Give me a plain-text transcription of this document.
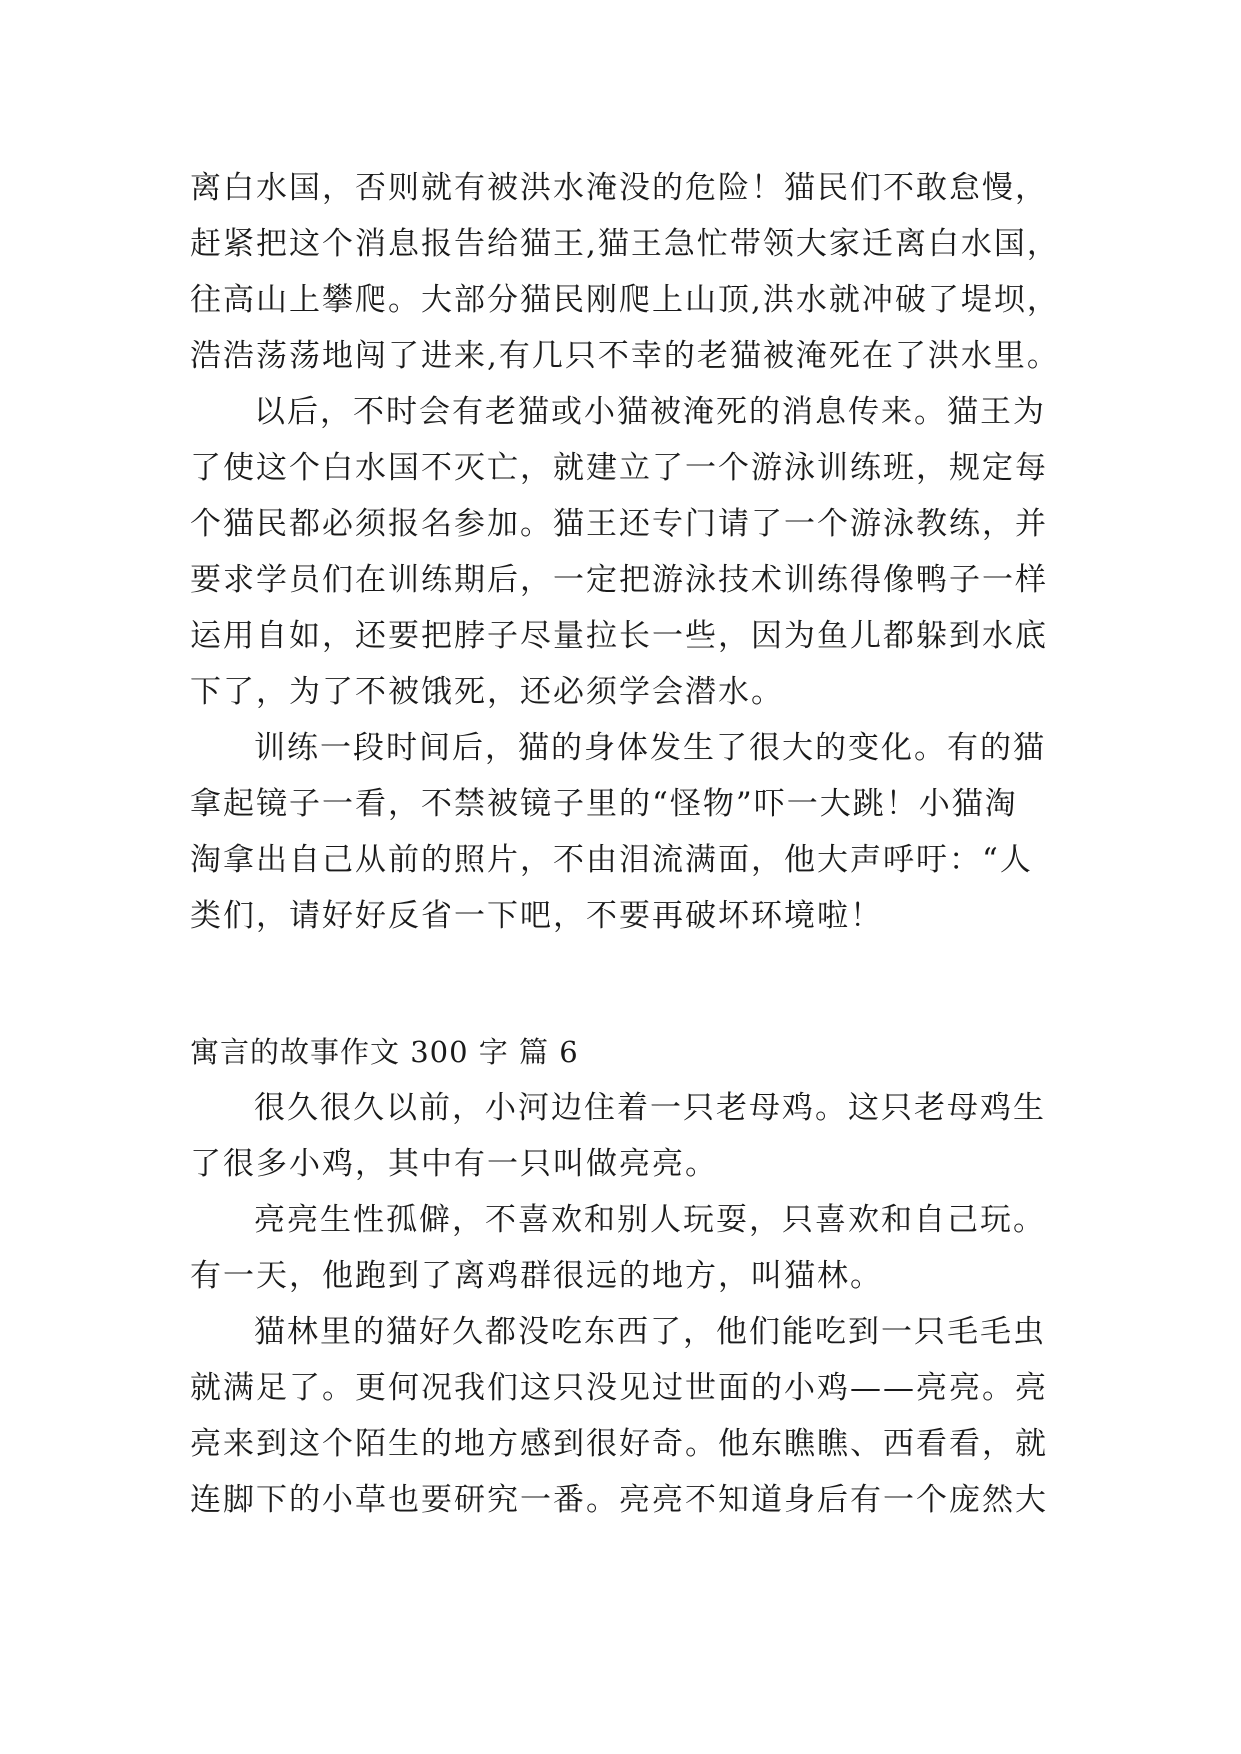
离白水国，否则就有被洪水淹没的危险！猫民们不敢怠慢，
赶紧把这个消息报告给猫王,猫王急忙带领大家迁离白水国，
往高山上攀爬。大部分猫民刚爬上山顶,洪水就冲破了堤坝，
浩浩荡荡地闯了进来,有几只不幸的老猫被淹死在了洪水里。
以后，不时会有老猫或小猫被淹死的消息传来。猫王为
了使这个白水国不灭亡，就建立了一个游泳训练班，规定每
个猫民都必须报名参加。猫王还专门请了一个游泳教练，并
要求学员们在训练期后，一定把游泳技术训练得像鸭子一样
运用自如，还要把脖子尽量拉长一些，因为鱼儿都躲到水底
下了，为了不被饿死，还必须学会潜水。
训练一段时间后，猫的身体发生了很大的变化。有的猫
拿起镜子一看，不禁被镜子里的“怪物”吓一大跳！小猫淘
淘拿出自己从前的照片，不由泪流满面，他大声呼吁：“人
类们，请好好反省一下吧，不要再破坏环境啦！
寓言的故事作文 300 字 篇 6
很久很久以前，小河边住着一只老母鸡。这只老母鸡生
了很多小鸡，其中有一只叫做亮亮。
亮亮生性孤僻，不喜欢和别人玩耍，只喜欢和自己玩。
有一天，他跑到了离鸡群很远的地方，叫猫林。
猫林里的猫好久都没吃东西了，他们能吃到一只毛毛虫
就满足了。更何况我们这只没见过世面的小鸡——亮亮。亮
亮来到这个陌生的地方感到很好奇。他东瞧瞧、西看看，就
连脚下的小草也要研究一番。亮亮不知道身后有一个庞然大
